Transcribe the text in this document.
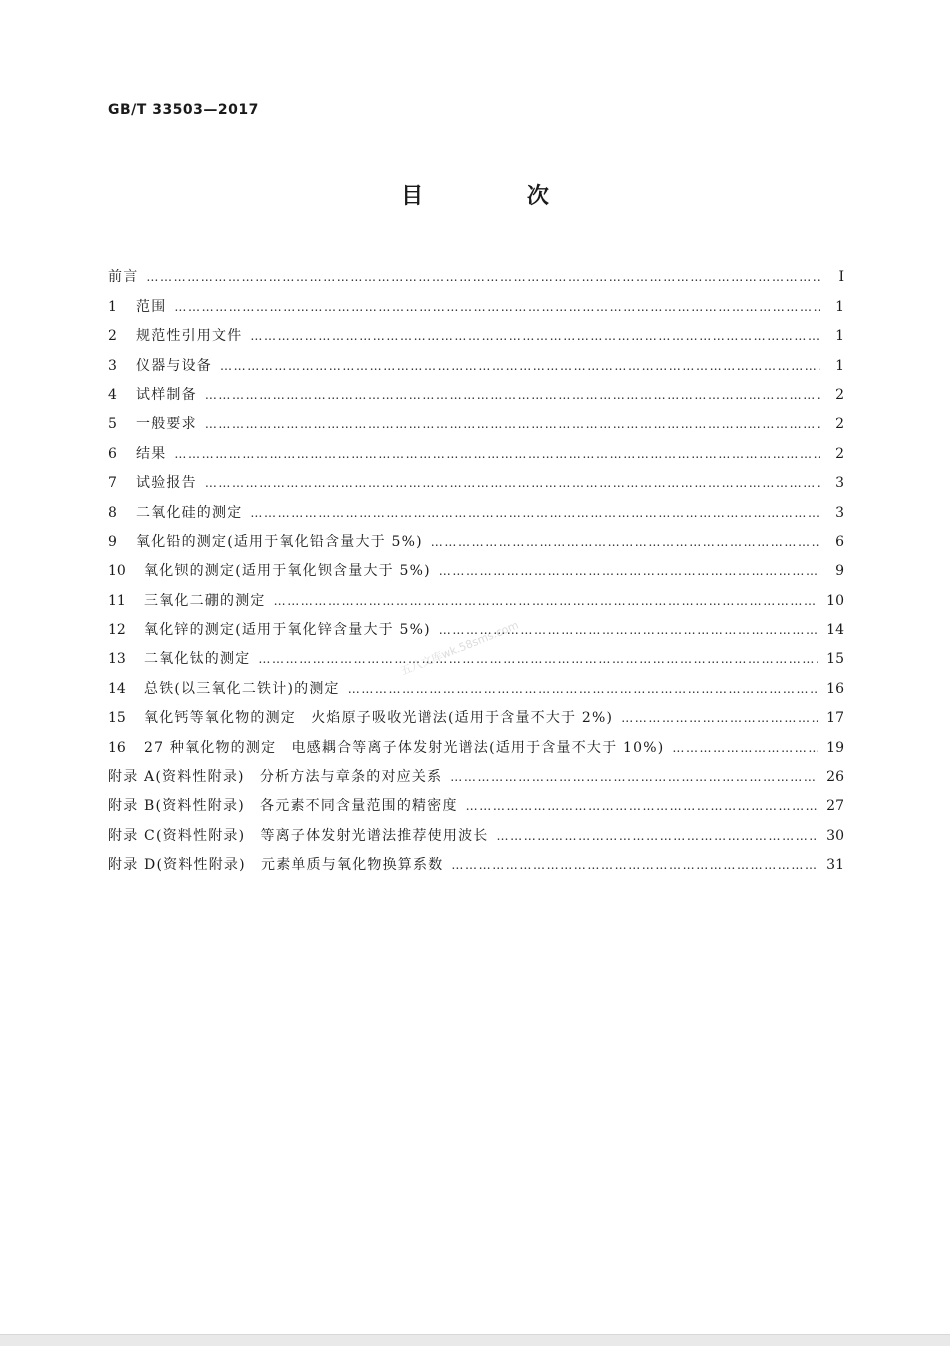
GB/T 33503—2017
目 次
前言 ……………………………………………………………………………………………………………………………………………………………………………………………………………………	Ⅰ
1	范围 ……………………………………………………………………………………………………………………………………………………………………………………………………………………	1
2	规范性引用文件 ……………………………………………………………………………………………………………………………………………………………………………………………………………………	1
3	仪器与设备 ……………………………………………………………………………………………………………………………………………………………………………………………………………………	1
4	试样制备 ……………………………………………………………………………………………………………………………………………………………………………………………………………………	2
5	一般要求 ……………………………………………………………………………………………………………………………………………………………………………………………………………………	2
6	结果 ……………………………………………………………………………………………………………………………………………………………………………………………………………………	2
7	试验报告 ……………………………………………………………………………………………………………………………………………………………………………………………………………………	3
8	二氧化硅的测定 ……………………………………………………………………………………………………………………………………………………………………………………………………………………	3
9	氧化铅的测定(适用于氧化铅含量大于 5%) ……………………………………………………………………………………………………………………………………………………………………………………………………………………	6
10	氧化钡的测定(适用于氧化钡含量大于 5%) ……………………………………………………………………………………………………………………………………………………………………………………………………………………	9
11	三氧化二硼的测定 ……………………………………………………………………………………………………………………………………………………………………………………………………………………	10
12	氧化锌的测定(适用于氧化锌含量大于 5%) ……………………………………………………………………………………………………………………………………………………………………………………………………………………	14
13	二氧化钛的测定 ……………………………………………………………………………………………………………………………………………………………………………………………………………………	15
14	总铁(以三氧化二铁计)的测定 ……………………………………………………………………………………………………………………………………………………………………………………………………………………	16
15	氧化钙等氧化物的测定　火焰原子吸收光谱法(适用于含量不大于 2%) ……………………………………………………………………………………………………………………………………………………………………………………………………………………	17
16	27 种氧化物的测定　电感耦合等离子体发射光谱法(适用于含量不大于 10%) ……………………………………………………………………………………………………………………………………………………………………………………………………………………	19
附录 A(资料性附录)　分析方法与章条的对应关系 ……………………………………………………………………………………………………………………………………………………………………………………………………………………	26
附录 B(资料性附录)　各元素不同含量范围的精密度 ……………………………………………………………………………………………………………………………………………………………………………………………………………………	27
附录 C(资料性附录)　等离子体发射光谱法推荐使用波长 ……………………………………………………………………………………………………………………………………………………………………………………………………………………	30
附录 D(资料性附录)　元素单质与氧化物换算系数 ……………………………………………………………………………………………………………………………………………………………………………………………………………………	31
五八文库wk.58sms.com
